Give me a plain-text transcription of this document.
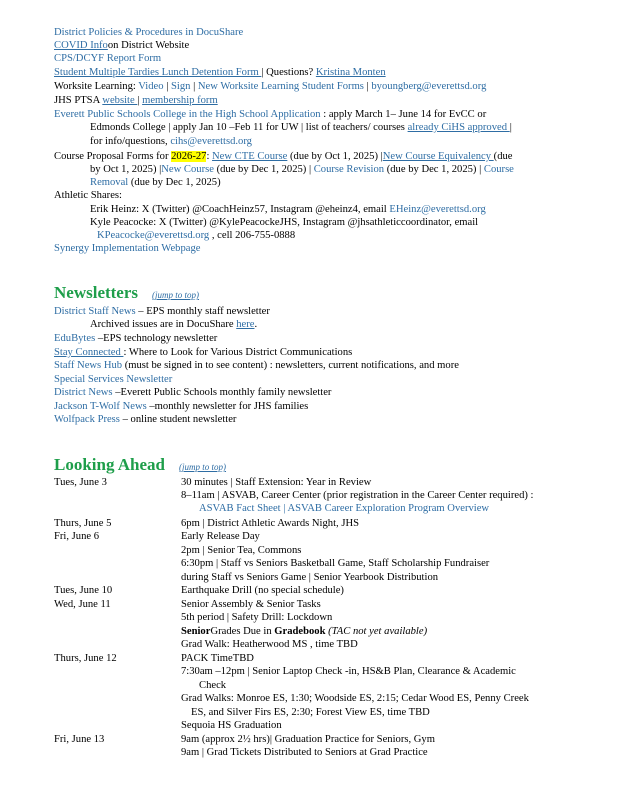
District Policies & Procedures in DocuShare
COVID Infoon District Website
CPS/DCYF Report Form
Student Multiple Tardies Lunch Detention Form | Questions? Kristina Monten
Worksite Learning: Video | Sign | New Worksite Learning Student Forms | byoungberg@everettsd.org
JHS PTSA website | membership form
Everett Public Schools College in the High School Application : apply March 1– June 14 for EvCC or
Edmonds College | apply Jan 10 –Feb 11 for UW | list of teachers/ courses already CiHS approved |
for info/questions, cihs@everettsd.org
Course Proposal Forms for 2026-27: New CTE Course (due by Oct 1, 2025) |New Course Equivalency (due
by Oct 1, 2025) |New Course (due by Dec 1, 2025) | Course Revision (due by Dec 1, 2025) | Course
Removal (due by Dec 1, 2025)
Athletic Shares:
Erik Heinz: X (Twitter) @CoachHeinz57, Instagram @eheinz4, email EHeinz@everettsd.org
Kyle Peacocke: X (Twitter) @KylePeacockeJHS, Instagram @jhsathleticcoordinator, email
KPeacocke@everettsd.org , cell 206-755-0888
Synergy Implementation Webpage
Newsletters (jump to top)
District Staff News – EPS monthly staff newsletter
Archived issues are in DocuShare here.
EduBytes –EPS technology newsletter
Stay Connected : Where to Look for Various District Communications
Staff News Hub (must be signed in to see content) : newsletters, current notifications, and more
Special Services Newsletter
District News –Everett Public Schools monthly family newsletter
Jackson T-Wolf News –monthly newsletter for JHS families
Wolfpack Press – online student newsletter
Looking Ahead (jump to top)
Tues, June 3	30 minutes | Staff Extension: Year in Review
8–11am | ASVAB, Career Center (prior registration in the Career Center required) :
ASVAB Fact Sheet | ASVAB Career Exploration Program Overview
Thurs, June 5	6pm | District Athletic Awards Night, JHS
Fri, June 6	Early Release Day
2pm | Senior Tea, Commons
6:30pm | Staff vs Seniors Basketball Game, Staff Scholarship Fundraiser
during Staff vs Seniors Game | Senior Yearbook Distribution
Tues, June 10	Earthquake Drill (no special schedule)
Wed, June 11	Senior Assembly & Senior Tasks
5th period | Safety Drill: Lockdown
SeniorGrades Due in Gradebook (TAC not yet available)
Grad Walk: Heatherwood MS , time TBD
Thurs, June 12	PACK TimeTBD
7:30am –12pm | Senior Laptop Check -in, HS&B Plan, Clearance & Academic
Check
Grad Walks: Monroe ES, 1:30; Woodside ES, 2:15; Cedar Wood ES, Penny Creek
ES, and Silver Firs ES, 2:30; Forest View ES, time TBD
Sequoia HS Graduation
Fri, June 13	9am (approx 2½ hrs)| Graduation Practice for Seniors, Gym
9am | Grad Tickets Distributed to Seniors at Grad Practice
